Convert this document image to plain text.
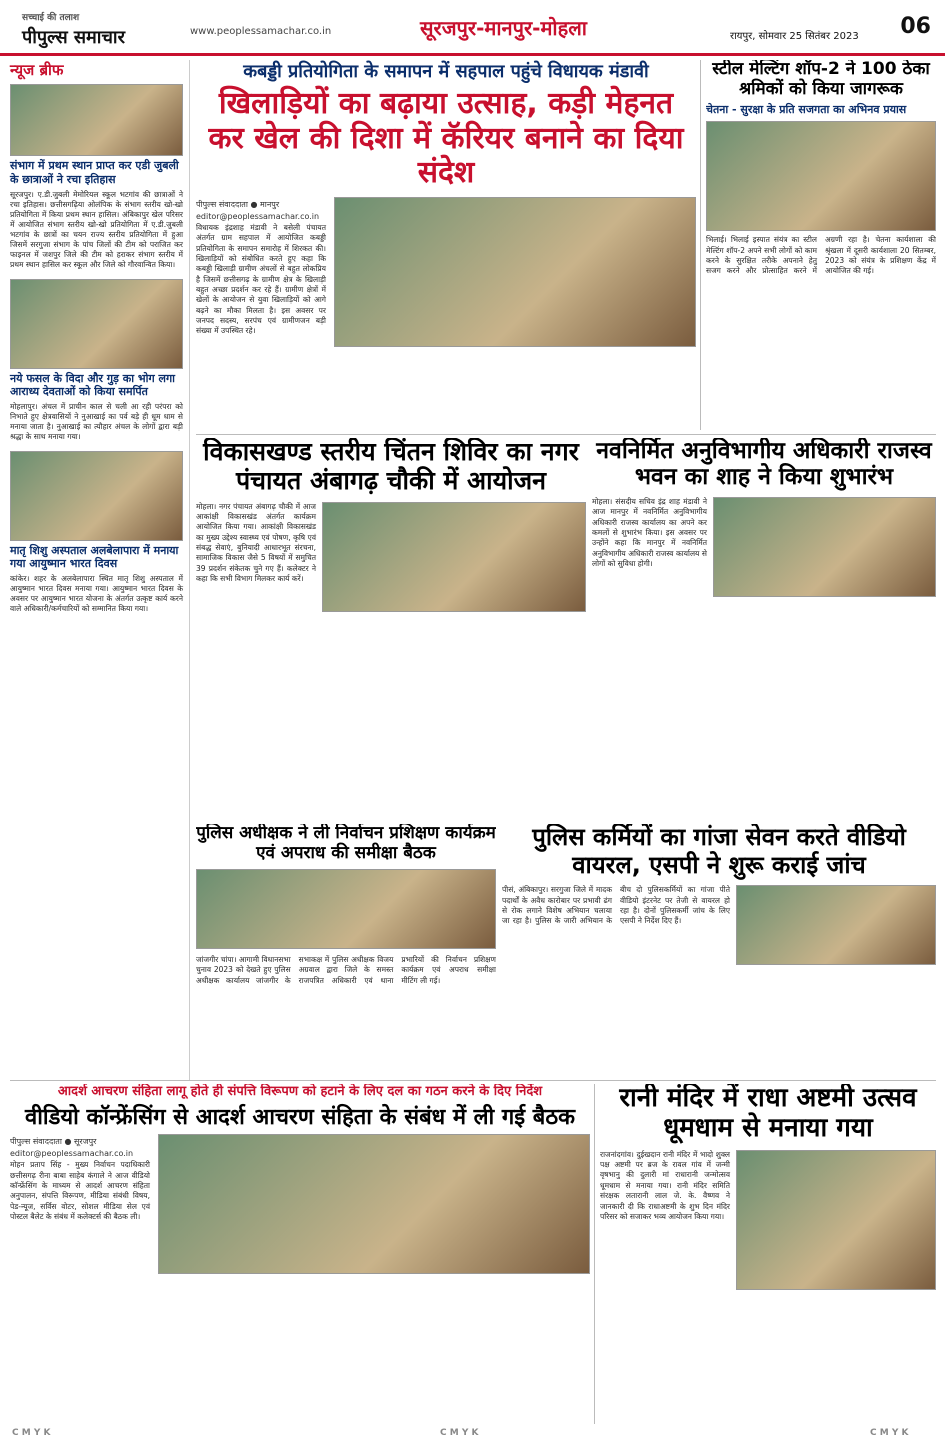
सच्चाई की तलाश
पीपुल्स समाचार	www.peoplessamachar.co.in	सूरजपुर-मानपुर-मोहला	रायपुर, सोमवार 25 सितंबर 2023 06
न्यूज ब्रीफ
संभाग में प्रथम स्थान प्राप्त कर एडी जुबली के छात्राओं ने रचा इतिहास

सूरजपुर। ए.डी.जुबली मेमोरियल स्कूल भटगांव की छात्राओं ने रचा इतिहास। छत्तीसगढ़िया ओलंपिक के संभाग स्तरीय खो-खो प्रतियोगिता में किया प्रथम स्थान हासिल। अंबिकापुर खेल परिसर में आयोजित संभाग स्तरीय खो-खो प्रतियोगिता में ए.डी.जुबली भटगांव के छात्रों का चयन राज्य स्तरीय प्रतियोगिता में हुआ जिसमें सरगुजा संभाग के पांच जिलों की टीम को पराजित कर फाइनल में जशपुर जिले की टीम को हराकर संभाग स्तरीय में प्रथम स्थान हासिल कर स्कूल और जिले को गौरवान्वित किया।

नये फसल के विदा और गुड़ का भोग लगा आराध्य देवताओं को किया समर्पित

मोहलापुर। अंचल में प्राचीन काल से चली आ रही परंपरा को निभाते हुए क्षेत्रवासियों ने नुआखाई का पर्व बड़े ही धूम धाम से मनाया जाता है। नुआखाई का त्यौहार अंचल के लोगों द्वारा बड़ी श्रद्धा के साथ मनाया गया।

मातृ शिशु अस्पताल अलबेलापारा में मनाया गया आयुष्मान भारत दिवस

कांकेर। शहर के अलबेलापारा स्थित मातृ शिशु अस्पताल में आयुष्मान भारत दिवस मनाया गया। आयुष्मान भारत दिवस के अवसर पर आयुष्मान भारत योजना के अंतर्गत उत्कृष्ट कार्य करने वाले अधिकारी/कर्मचारियों को सम्मानित किया गया।

कबड्डी प्रतियोगिता के समापन में सहपाल पहुंचे विधायक मंडावी
खिलाड़ियों का बढ़ाया उत्साह, कड़ी मेहनत कर खेल की दिशा में कॅरियर बनाने का दिया संदेश
पीपुल्स संवाददाता ● मानपुर
editor@peoplessamachar.co.in
विधायक इंद्रशाह मंडावी ने बसेली पंचायत अंतर्गत ग्राम सहपाल में आयोजित कबड्डी प्रतियोगिता के समापन समारोह में शिरकत की। खिलाड़ियों को संबोधित करते हुए कहा कि कबड्डी खिलाड़ी ग्रामीण अंचलों से बहुत लोकप्रिय है जिसमें छत्तीसगढ़ के ग्रामीण क्षेत्र के खिलाड़ी बहुत अच्छा प्रदर्शन कर रहे हैं। ग्रामीण क्षेत्रों में खेलों के आयोजन से युवा खिलाड़ियों को आगे बढ़ने का मौका मिलता है। इस अवसर पर जनपद सदस्य, सरपंच एवं ग्रामीणजन बड़ी संख्या में उपस्थित रहे।
स्टील मेल्टिंग शॉप-2 ने 100 ठेका श्रमिकों को किया जागरूक
चेतना - सुरक्षा के प्रति सजगता का अभिनव प्रयास
भिलाई। भिलाई इस्पात संयंत्र का स्टील मेल्टिंग शॉप-2 अपने सभी लोगों को काम करने के सुरक्षित तरीके अपनाने हेतु सजग करने और प्रोत्साहित करने में अग्रणी रहा है। चेतना कार्यशाला की श्रृंखला में दूसरी कार्यशाला 20 सितम्बर, 2023 को संयंत्र के प्रशिक्षण केंद्र में आयोजित की गई।
विकासखण्ड स्तरीय चिंतन शिविर का नगर पंचायत अंबागढ़ चौकी में आयोजन
मोहला। नगर पंचायत अंबागढ़ चौकी में आज आकांक्षी विकासखंड अंतर्गत कार्यक्रम आयोजित किया गया। आकांक्षी विकासखंड का मुख्य उद्देश्य स्वास्थ्य एवं पोषण, कृषि एवं संबद्ध सेवाएं, बुनियादी आधारभूत संरचना, सामाजिक विकास जैसे 5 विषयों में समुचित 39 प्रदर्शन संकेतक चुने गए हैं। कलेक्टर ने कहा कि सभी विभाग मिलकर कार्य करें।
नवनिर्मित अनुविभागीय अधिकारी राजस्व भवन का शाह ने किया शुभारंभ
मोहला। संसदीय सचिव इंद्र शाह मंडावी ने आज मानपुर में नवनिर्मित अनुविभागीय अधिकारी राजस्व कार्यालय का अपने कर कमलों से शुभारंभ किया। इस अवसर पर उन्होंने कहा कि मानपुर में नवनिर्मित अनुविभागीय अधिकारी राजस्व कार्यालय से लोगों को सुविधा होगी।
पुलिस अधीक्षक ने ली निर्वाचन प्रशिक्षण कार्यक्रम एवं अपराध की समीक्षा बैठक
जांजगीर चांपा। आगामी विधानसभा चुनाव 2023 को देखते हुए पुलिस अधीक्षक कार्यालय जांजगीर के सभाकक्ष में पुलिस अधीक्षक विजय अग्रवाल द्वारा जिले के समस्त राजपत्रित अधिकारी एवं थाना प्रभारियों की निर्वाचन प्रशिक्षण कार्यक्रम एवं अपराध समीक्षा मीटिंग ली गई।
पुलिस कर्मियों का गांजा सेवन करते वीडियो वायरल, एसपी ने शुरू कराई जांच
पीसं, अंबिकापुर। सरगुजा जिले में मादक पदार्थों के अवैध कारोबार पर प्रभावी ढंग से रोक लगाने विशेष अभियान चलाया जा रहा है। पुलिस के जारी अभियान के बीच दो पुलिसकर्मियों का गांजा पीते वीडियो इंटरनेट पर तेजी से वायरल हो रहा है। दोनों पुलिसकर्मी जांच के लिए एसपी ने निर्देश दिए हैं।
आदर्श आचरण संहिता लागू होते ही संपत्ति विरूपण को हटाने के लिए दल का गठन करने के दिए निर्देश
वीडियो कॉन्फ्रेंसिंग से आदर्श आचरण संहिता के संबंध में ली गई बैठक
पीपुल्स संवाददाता ● सूरजपुर
editor@peoplessamachar.co.in
मोहन प्रताप सिंह - मुख्य निर्वाचन पदाधिकारी छत्तीसगढ़ रीना बाबा साहेब कंगाले ने आज वीडियो कॉन्फ्रेंसिंग के माध्यम से आदर्श आचरण संहिता अनुपालन, संपत्ति विरूपण, मीडिया संबंधी विषय, पेड-न्यूज, सर्विस वोटर, सोशल मीडिया सेल एवं पोस्टल बैलेट के संबंध में कलेक्टर्स की बैठक ली।
रानी मंदिर में राधा अष्टमी उत्सव धूमधाम से मनाया गया
राजनांदगांव। दुईखदान रानी मंदिर में भादो शुक्ल पक्ष अष्टमी पर ब्रज के रावल गांव में जन्मी वृषभानु की दुलारी मां राधारानी जन्मोत्सव धूमधाम से मनाया गया। रानी मंदिर समिति संरक्षक लतारानी लाल जे. के. वैष्णव ने जानकारी दी कि राधाअष्टमी के शुभ दिन मंदिर परिसर को सजाकर भव्य आयोजन किया गया।
C M Y K	C M Y K	C M Y K
